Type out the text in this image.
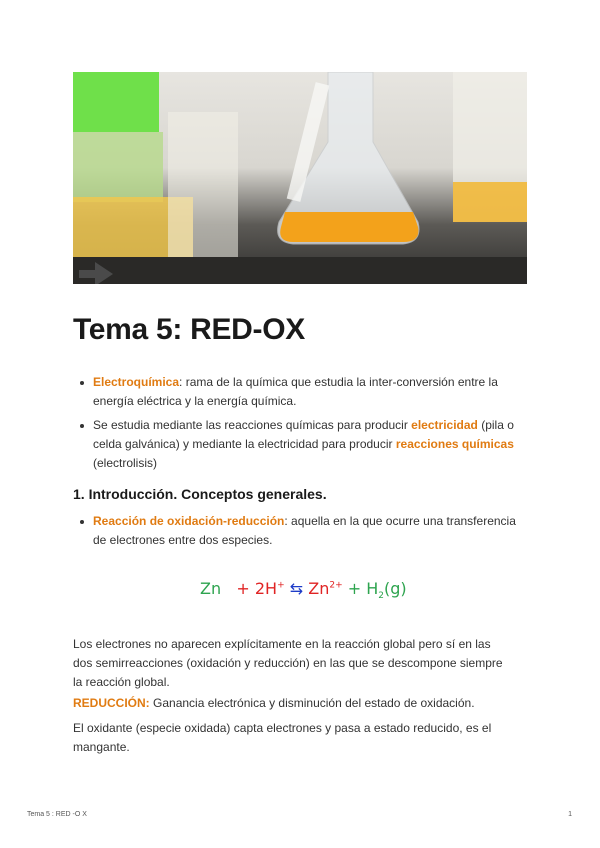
Tema 5: RED-OX
Electroquímica: rama de la química que estudia la inter-conversión entre la energía eléctrica y la energía química.
Se estudia mediante las reacciones químicas para producir electricidad (pila o celda galvánica) y mediante la electricidad para producir reacciones químicas (electrolisis)
1. Introducción. Conceptos generales.
Reacción de oxidación-reducción: aquella en la que ocurre una transferencia de electrones entre dos especies.
Zn + 2H+ ⇆ $Zn^{2+} + H_2(g)$

Los electrones no aparecen explícitamente en la reacción global pero sí en las dos semirreacciones (oxidación y reducción) en las que se descompone siempre la reacción global.

REDUCCIÓN: Ganancia electrónica y disminución del estado de oxidación.

El oxidante (especie oxidada) capta electrones y pasa a estado reducido, es el mangante.

Tema 5 : RED -O X	1
